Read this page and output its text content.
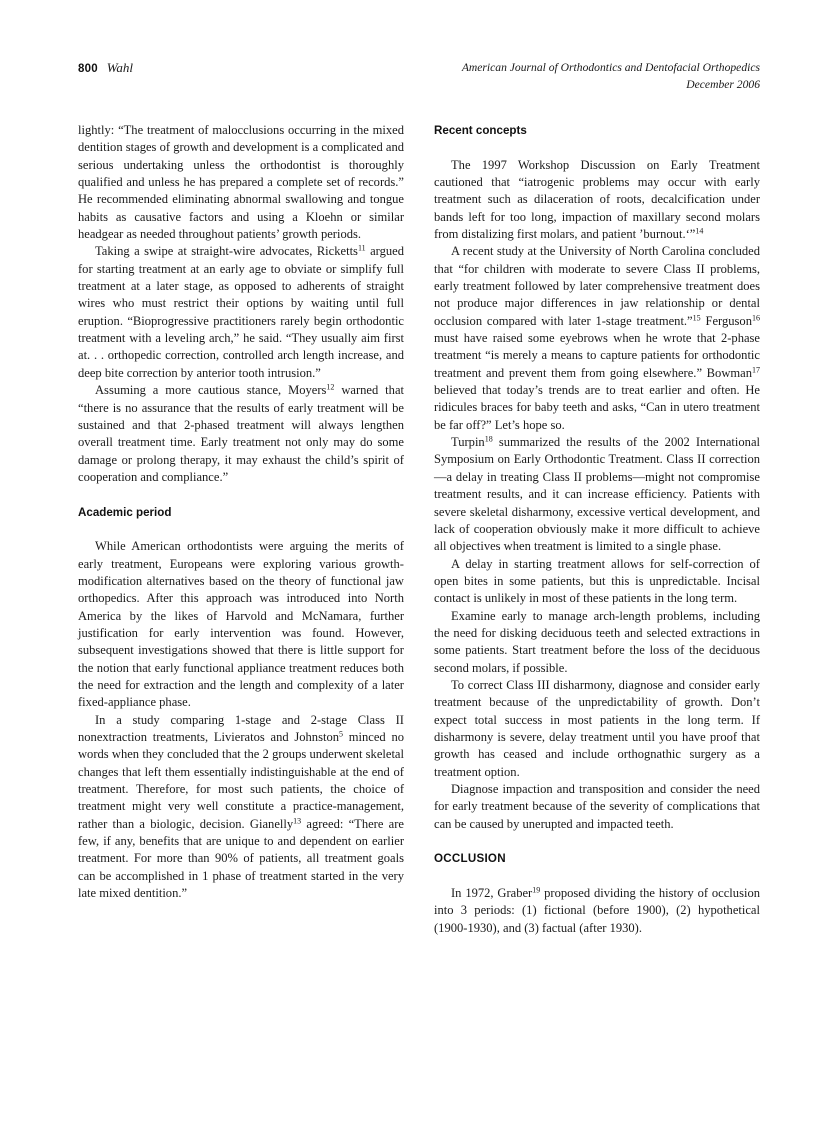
800 Wahl	American Journal of Orthodontics and Dentofacial Orthopedics
December 2006

lightly: “The treatment of malocclusions occurring in the mixed dentition stages of growth and development is a complicated and serious undertaking unless the orthodontist is thoroughly qualified and unless he has prepared a complete set of records.” He recommended eliminating abnormal swallowing and tongue habits as causative factors and using a Kloehn or similar headgear as needed throughout patients’ growth periods.

Taking a swipe at straight-wire advocates, Ricketts$^{11}$ argued for starting treatment at an early age to obviate or simplify full treatment at a later stage, as opposed to adherents of straight wires who must restrict their options by waiting until full eruption. “Bioprogressive practitioners rarely begin orthodontic treatment with a leveling arch,” he said. “They usually aim first at. . . orthopedic correction, controlled arch length increase, and deep bite correction by anterior tooth intrusion.”

Assuming a more cautious stance, Moyers$^{12}$ warned that “there is no assurance that the results of early treatment will be sustained and that 2-phased treatment will always lengthen overall treatment time. Early treatment not only may do some damage or prolong therapy, it may exhaust the child’s spirit of cooperation and compliance.”

Academic period

While American orthodontists were arguing the merits of early treatment, Europeans were exploring various growth-modification alternatives based on the theory of functional jaw orthopedics. After this approach was introduced into North America by the likes of Harvold and McNamara, further justification for early intervention was found. However, subsequent investigations showed that there is little support for the notion that early functional appliance treatment reduces both the need for extraction and the length and complexity of a later fixed-appliance phase.

In a study comparing 1-stage and 2-stage Class II nonextraction treatments, Livieratos and Johnston$^5$ minced no words when they concluded that the 2 groups underwent skeletal changes that left them essentially indistinguishable at the end of treatment. Therefore, for most such patients, the choice of treatment might very well constitute a practice-management, rather than a biologic, decision. Gianelly$^{13}$ agreed: “There are few, if any, benefits that are unique to and dependent on earlier treatment. For more than 90% of patients, all treatment goals can be accomplished in 1 phase of treatment started in the very late mixed dentition.”

Recent concepts

The 1997 Workshop Discussion on Early Treatment cautioned that “iatrogenic problems may occur with early treatment such as dilaceration of roots, decalcification under bands left for too long, impaction of maxillary second molars from distalizing first molars, and patient ’burnout.‘”$^{14}$

A recent study at the University of North Carolina concluded that “for children with moderate to severe Class II problems, early treatment followed by later comprehensive treatment does not produce major differences in jaw relationship or dental occlusion compared with later 1-stage treatment.”$^{15}$ Ferguson$^{16}$ must have raised some eyebrows when he wrote that 2-phase treatment “is merely a means to capture patients for orthodontic treatment and prevent them from going elsewhere.” Bowman$^{17}$ believed that today’s trends are to treat earlier and often. He ridicules braces for baby teeth and asks, “Can in utero treatment be far off?” Let’s hope so.

Turpin$^{18}$ summarized the results of the 2002 International Symposium on Early Orthodontic Treatment. Class II correction—a delay in treating Class II problems—might not compromise treatment results, and it can increase efficiency. Patients with severe skeletal disharmony, excessive vertical development, and lack of cooperation obviously make it more difficult to achieve all objectives when treatment is limited to a single phase.

A delay in starting treatment allows for self-correction of open bites in some patients, but this is unpredictable. Incisal contact is unlikely in most of these patients in the long term.

Examine early to manage arch-length problems, including the need for disking deciduous teeth and selected extractions in some patients. Start treatment before the loss of the deciduous second molars, if possible.

To correct Class III disharmony, diagnose and consider early treatment because of the unpredictability of growth. Don’t expect total success in most patients in the long term. If disharmony is severe, delay treatment until you have proof that growth has ceased and include orthognathic surgery as a treatment option.

Diagnose impaction and transposition and consider the need for early treatment because of the severity of complications that can be caused by unerupted and impacted teeth.

OCCLUSION

In 1972, Graber$^{19}$ proposed dividing the history of occlusion into 3 periods: (1) fictional (before 1900), (2) hypothetical (1900-1930), and (3) factual (after 1930).
